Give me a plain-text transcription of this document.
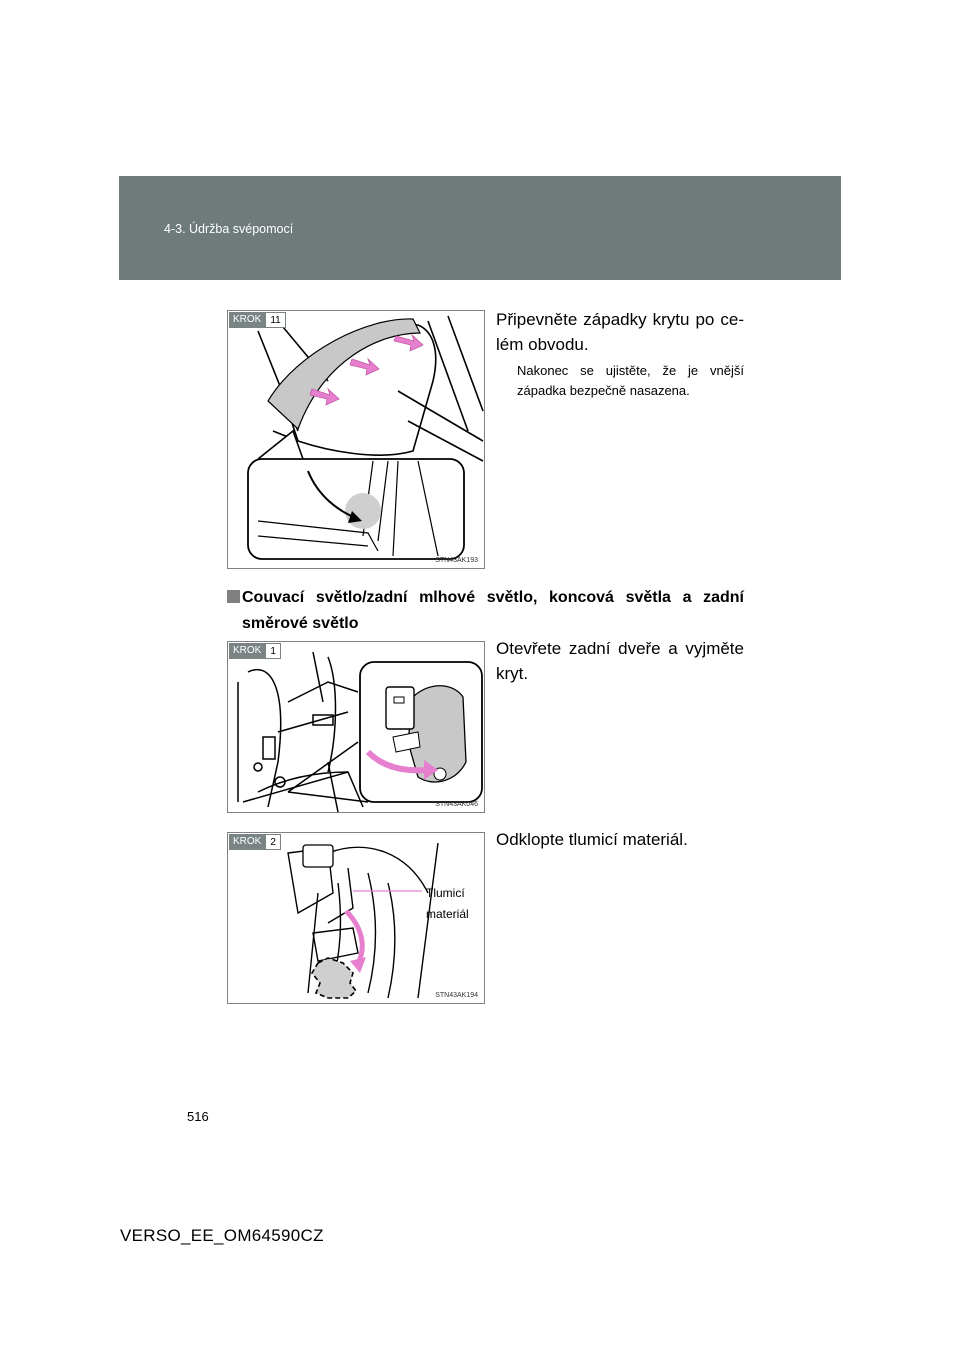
4-3. Údržba svépomocí
KROK 11
STN43AK193
Připevněte západky krytu po ce-lém obvodu.
Nakonec se ujistěte, že je vnější západka bezpečně nasazena.
Couvací světlo/zadní mlhové světlo, koncová světla a zadní směrové světlo
KROK 1
STN43AK046
Otevřete zadní dveře a vyjměte kryt.
KROK 2
Tlumicí materiál
STN43AK194
Odklopte tlumicí materiál.
516
VERSO_EE_OM64590CZ
